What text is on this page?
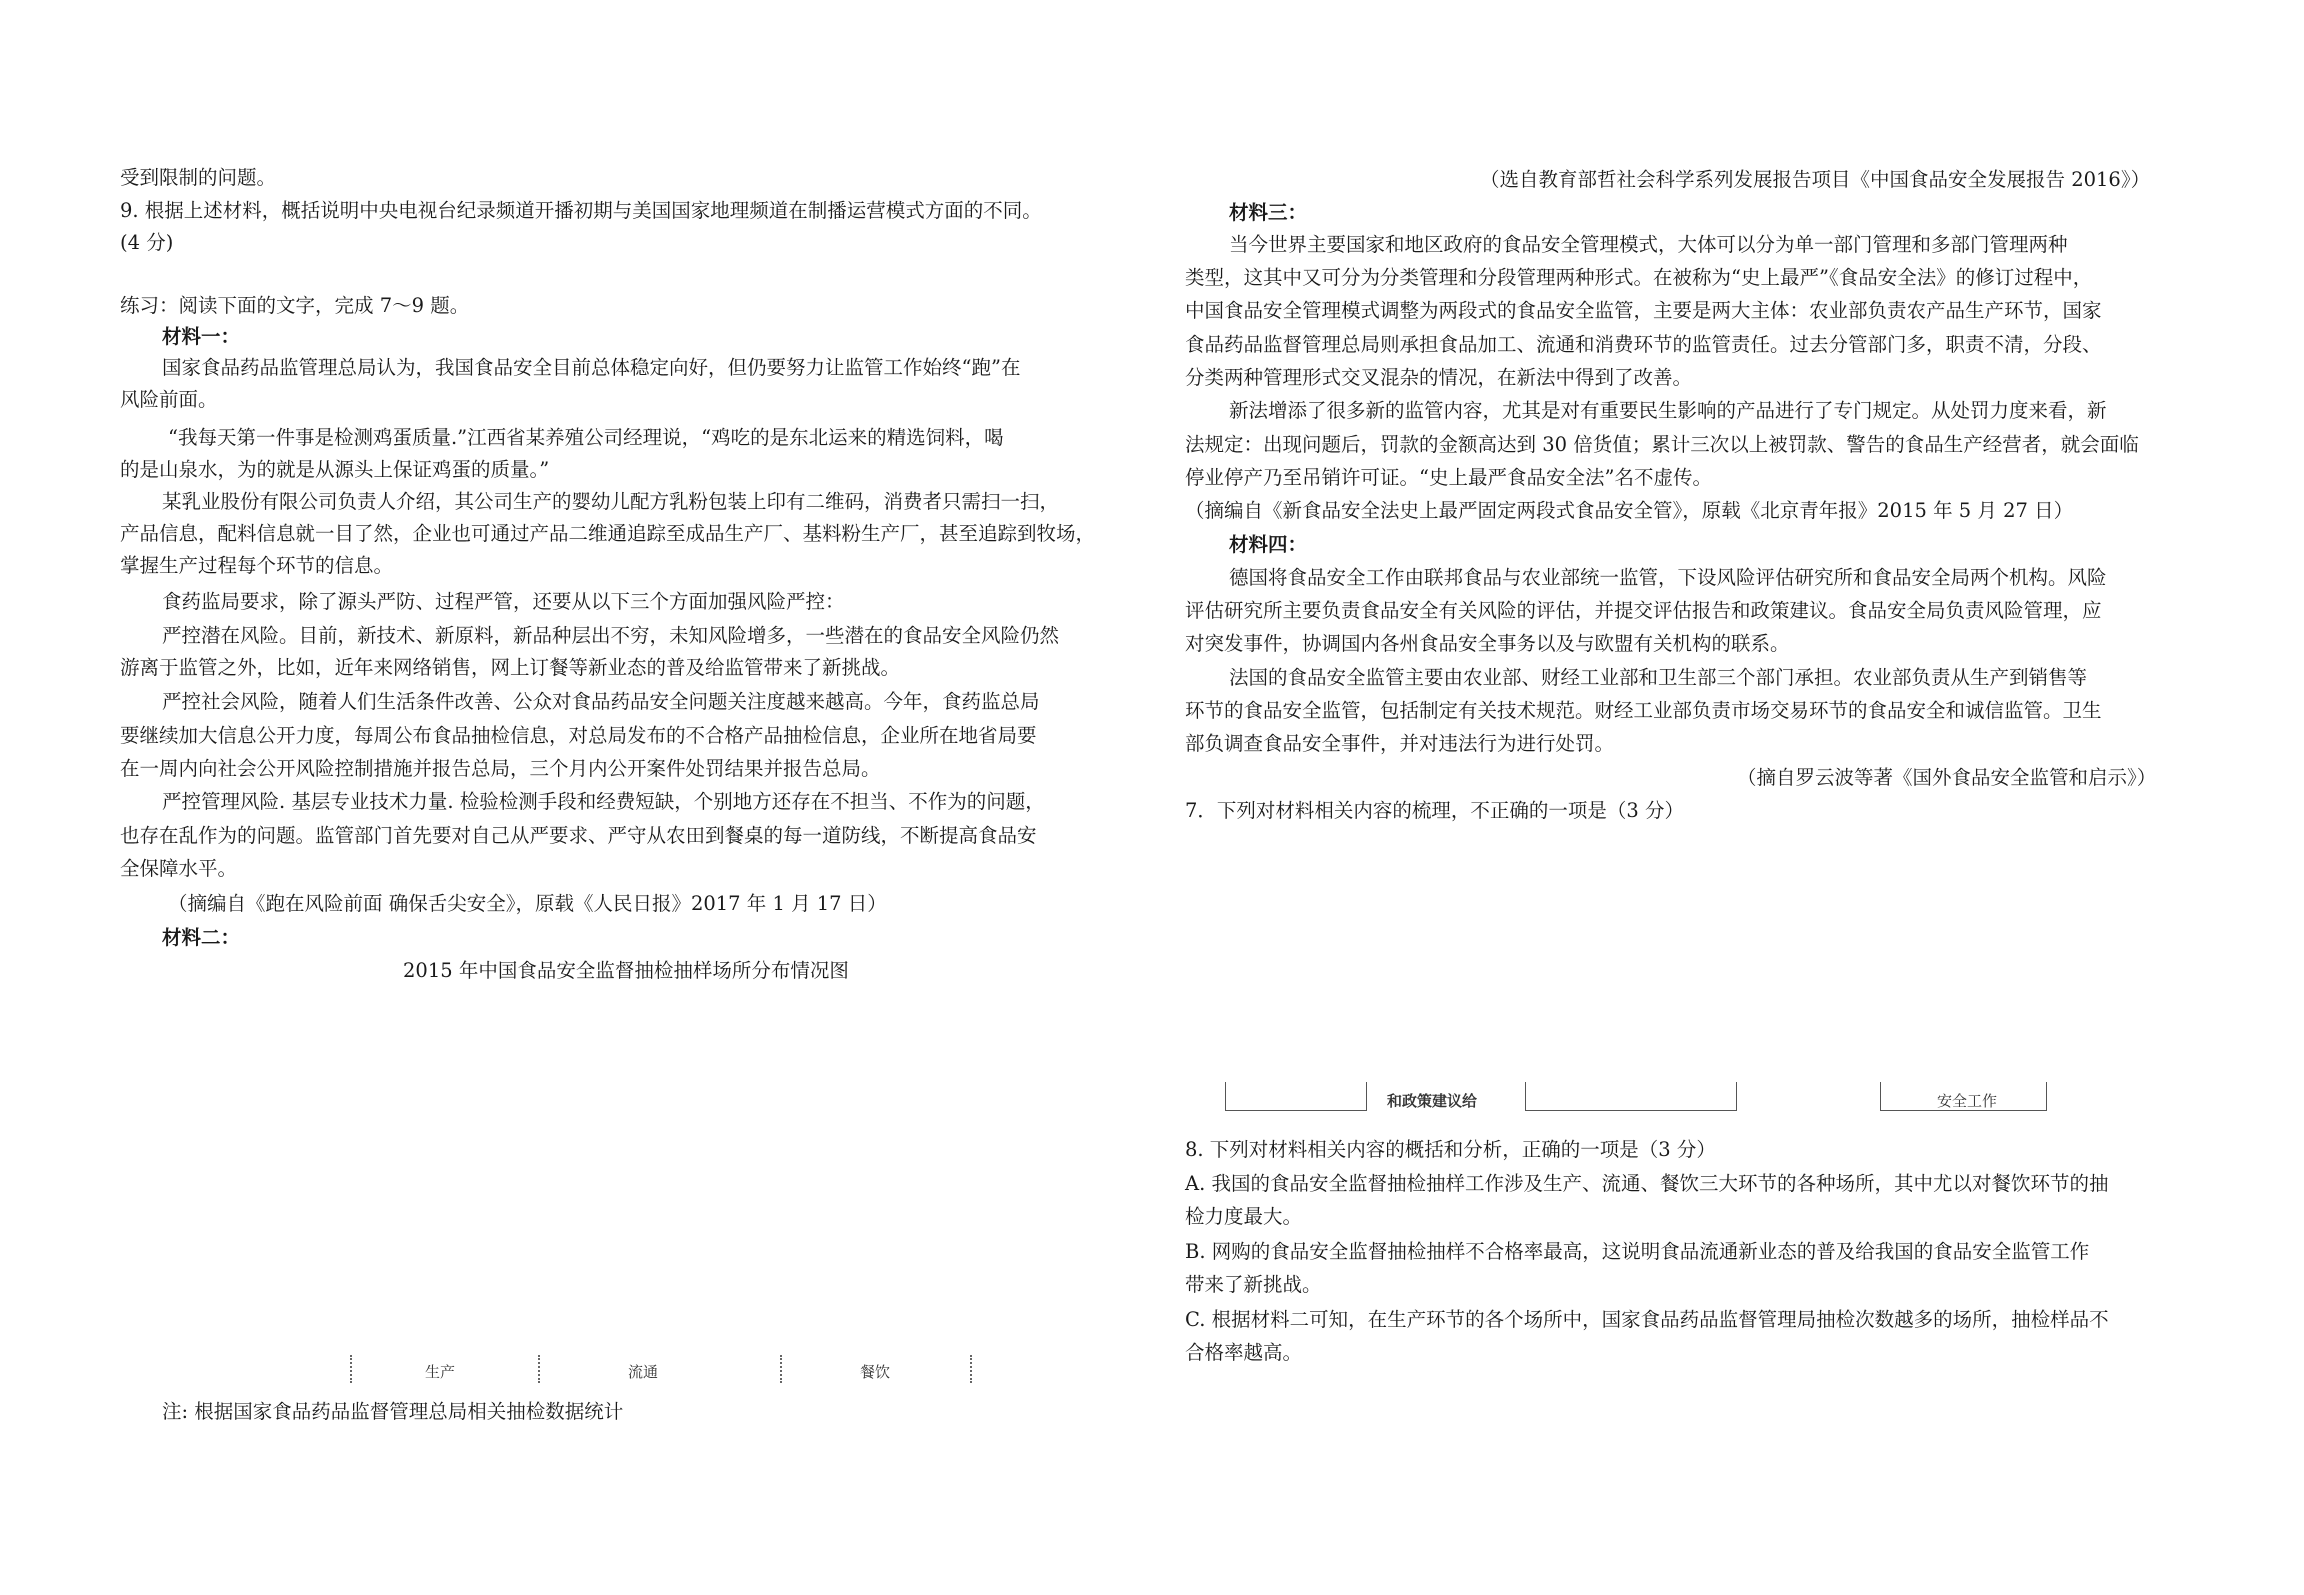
受到限制的问题。
9. 根据上述材料，概括说明中央电视台纪录频道开播初期与美国国家地理频道在制播运营模式方面的不同。
(4 分)
练习：阅读下面的文字，完成 7～9 题。
材料一：
国家食品药品监管理总局认为，我国食品安全目前总体稳定向好，但仍要努力让监管工作始终“跑”在
风险前面。
“我每天第一件事是检测鸡蛋质量.”江西省某养殖公司经理说，“鸡吃的是东北运来的精选饲料，喝
的是山泉水，为的就是从源头上保证鸡蛋的质量。”
某乳业股份有限公司负责人介绍，其公司生产的婴幼儿配方乳粉包装上印有二维码，消费者只需扫一扫，
产品信息，配料信息就一目了然，企业也可通过产品二维通追踪至成品生产厂、基料粉生产厂，甚至追踪到牧场，
掌握生产过程每个环节的信息。
食药监局要求，除了源头严防、过程严管，还要从以下三个方面加强风险严控：
严控潜在风险。目前，新技术、新原料，新品种层出不穷，未知风险增多，一些潜在的食品安全风险仍然
游离于监管之外，比如，近年来网络销售，网上订餐等新业态的普及给监管带来了新挑战。
严控社会风险，随着人们生活条件改善、公众对食品药品安全问题关注度越来越高。今年，食药监总局
要继续加大信息公开力度，每周公布食品抽检信息，对总局发布的不合格产品抽检信息，企业所在地省局要
在一周内向社会公开风险控制措施并报告总局，三个月内公开案件处罚结果并报告总局。
严控管理风险. 基层专业技术力量. 检验检测手段和经费短缺，个别地方还存在不担当、不作为的问题，
也存在乱作为的问题。监管部门首先要对自己从严要求、严守从农田到餐桌的每一道防线，不断提高食品安
全保障水平。
（摘编自《跑在风险前面 确保舌尖安全》，原载《人民日报》2017 年 1 月 17 日）
材料二：
2015 年中国食品安全监督抽检抽样场所分布情况图
生产	流通	餐饮
注: 根据国家食品药品监督管理总局相关抽检数据统计
（选自教育部哲社会科学系列发展报告项目《中国食品安全发展报告 2016》）
材料三：
当今世界主要国家和地区政府的食品安全管理模式，大体可以分为单一部门管理和多部门管理两种
类型，这其中又可分为分类管理和分段管理两种形式。在被称为“史上最严”《食品安全法》的修订过程中，
中国食品安全管理模式调整为两段式的食品安全监管，主要是两大主体：农业部负责农产品生产环节，国家
食品药品监督管理总局则承担食品加工、流通和消费环节的监管责任。过去分管部门多，职责不清，分段、
分类两种管理形式交叉混杂的情况，在新法中得到了改善。
新法增添了很多新的监管内容，尤其是对有重要民生影响的产品进行了专门规定。从处罚力度来看，新
法规定：出现问题后，罚款的金额高达到 30 倍货值；累计三次以上被罚款、警告的食品生产经营者，就会面临
停业停产乃至吊销许可证。“史上最严食品安全法”名不虚传。
（摘编自《新食品安全法史上最严固定两段式食品安全管》，原载《北京青年报》2015 年 5 月 27 日）
材料四：
德国将食品安全工作由联邦食品与农业部统一监管，下设风险评估研究所和食品安全局两个机构。风险
评估研究所主要负责食品安全有关风险的评估，并提交评估报告和政策建议。食品安全局负责风险管理，应
对突发事件，协调国内各州食品安全事务以及与欧盟有关机构的联系。
法国的食品安全监管主要由农业部、财经工业部和卫生部三个部门承担。农业部负责从生产到销售等
环节的食品安全监管，包括制定有关技术规范。财经工业部负责市场交易环节的食品安全和诚信监管。卫生
部负调查食品安全事件，并对违法行为进行处罚。
（摘自罗云波等著《国外食品安全监管和启示》）
7．下列对材料相关内容的梳理，不正确的一项是（3 分）
和政策建议给	安全工作
8. 下列对材料相关内容的概括和分析，正确的一项是（3 分）
A. 我国的食品安全监督抽检抽样工作涉及生产、流通、餐饮三大环节的各种场所，其中尤以对餐饮环节的抽
检力度最大。
B. 网购的食品安全监督抽检抽样不合格率最高，这说明食品流通新业态的普及给我国的食品安全监管工作
带来了新挑战。
C. 根据材料二可知，在生产环节的各个场所中，国家食品药品监督管理局抽检次数越多的场所，抽检样品不
合格率越高。
